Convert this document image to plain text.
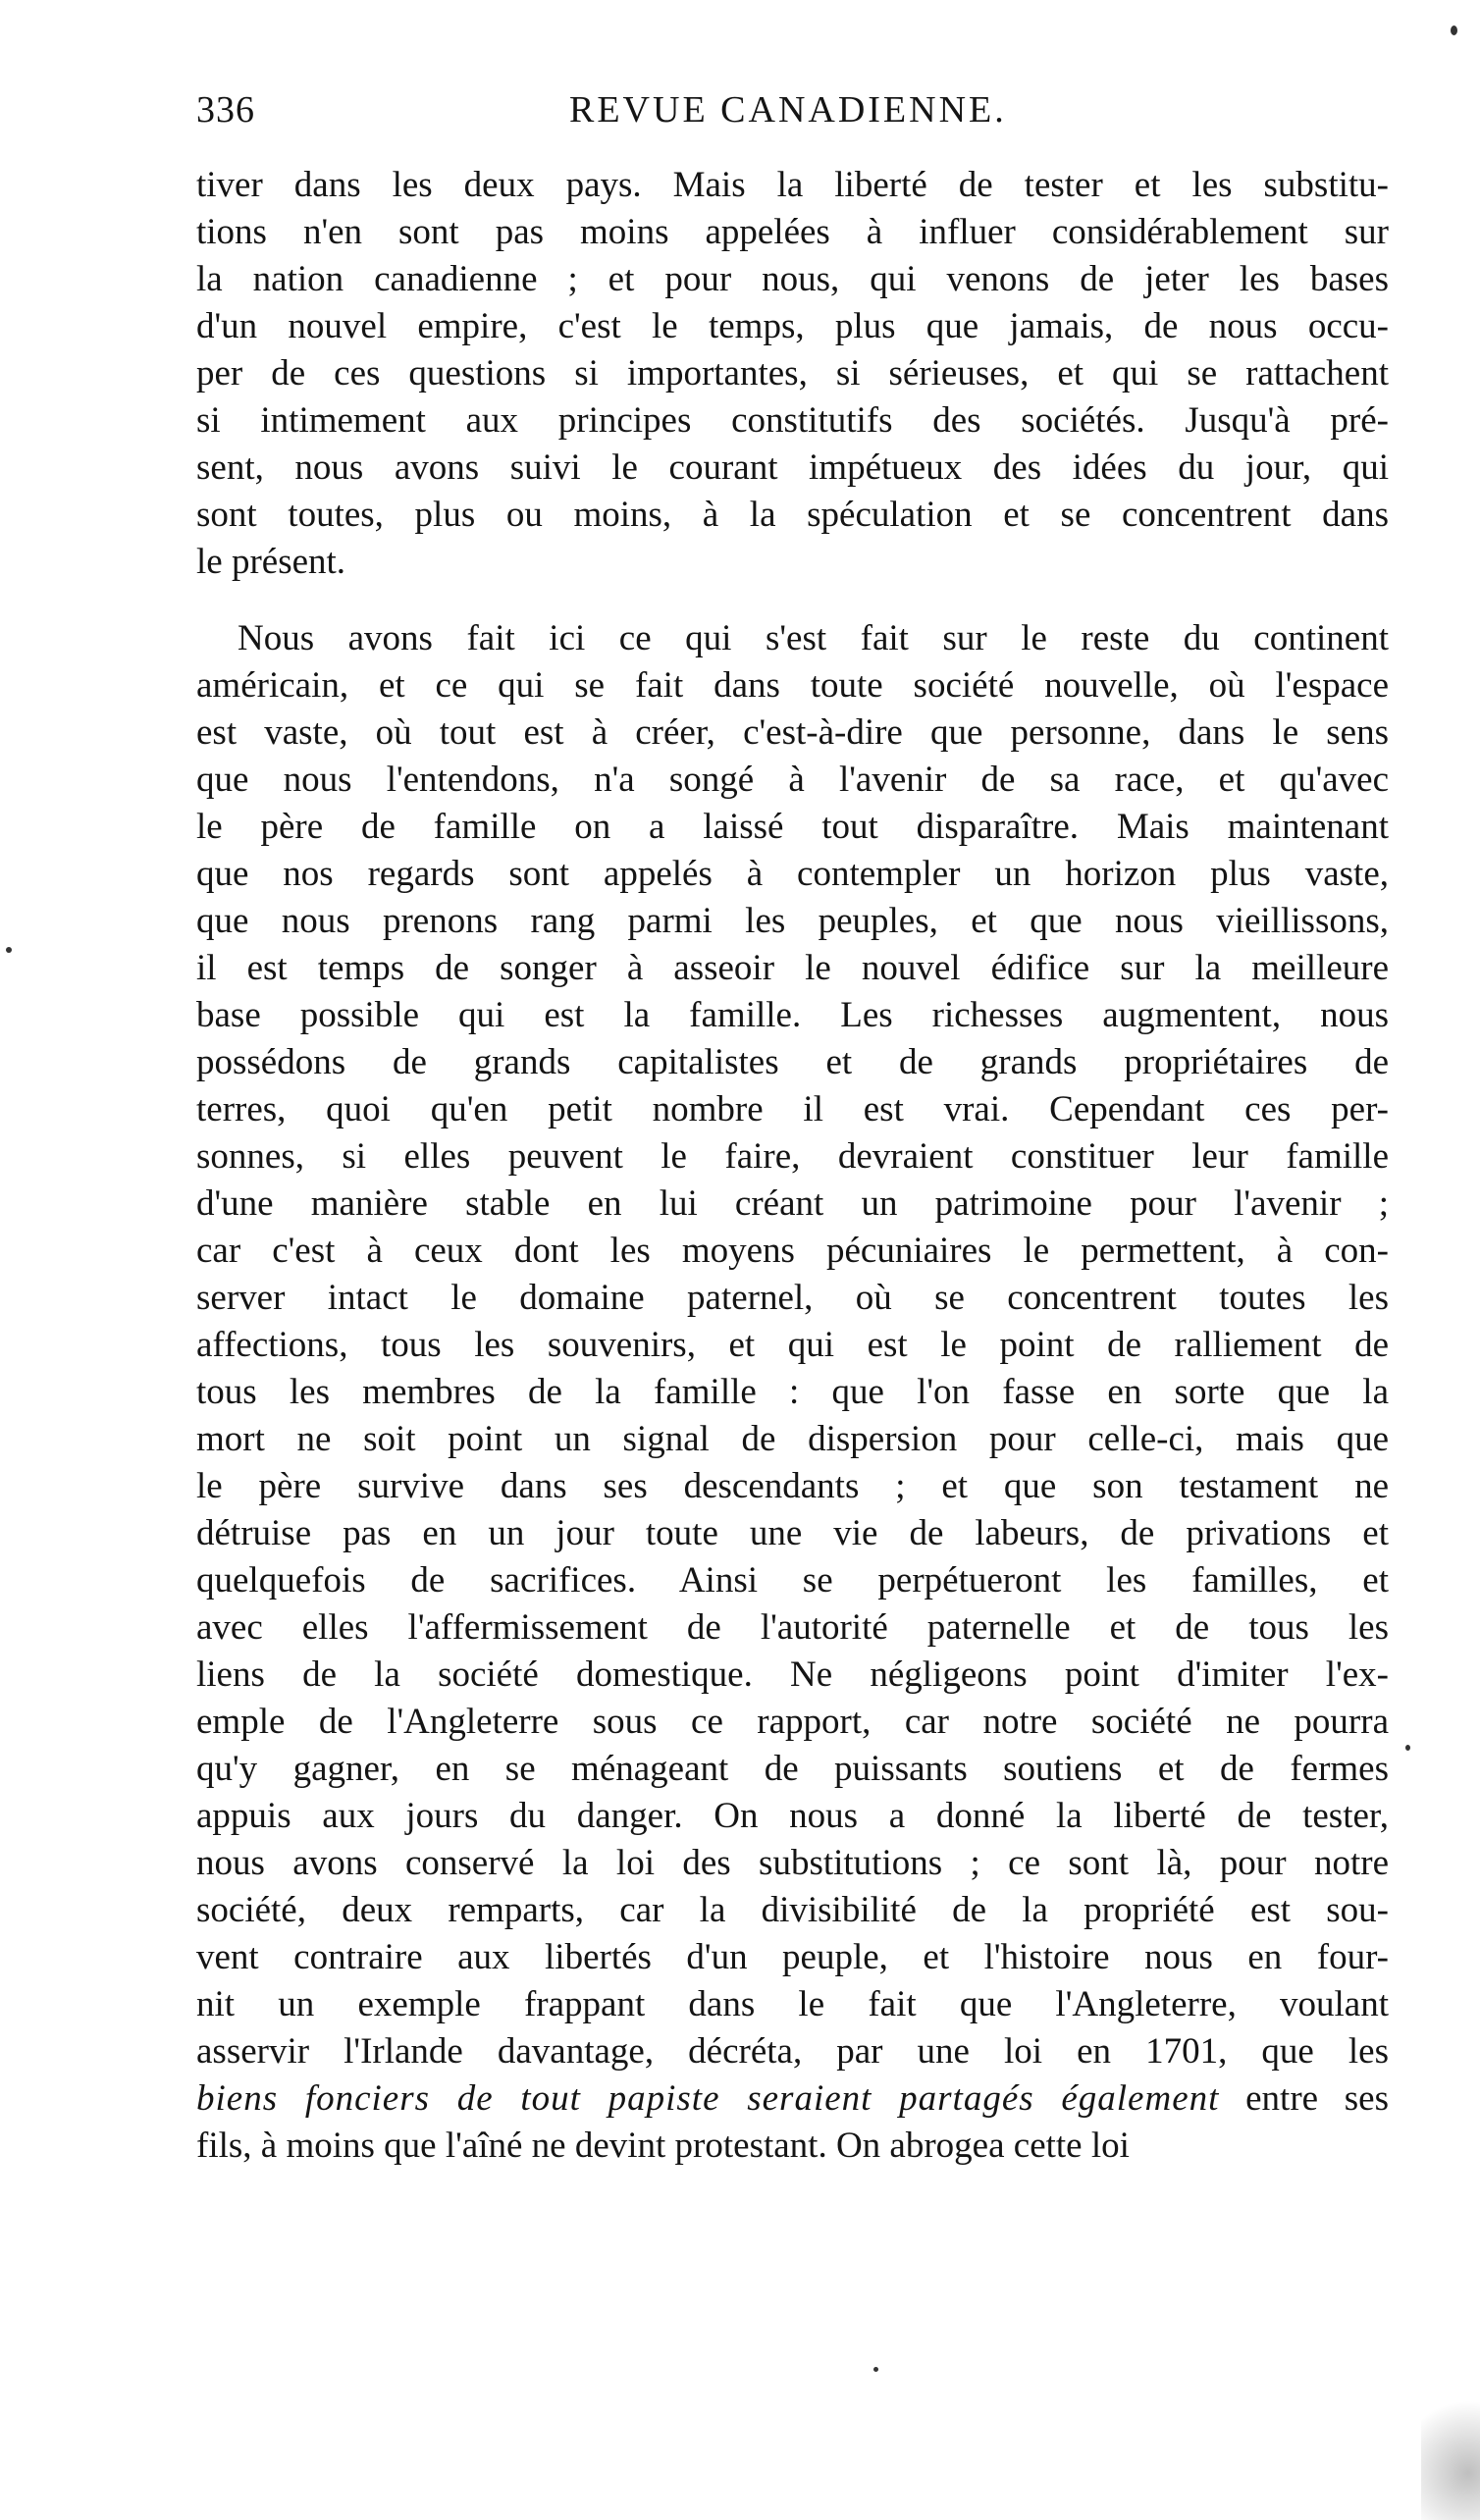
336	REVUE CANADIENNE.
tiver dans les deux pays. Mais la liberté de tester et les substitu-
tions n'en sont pas moins appelées à influer considérablement sur
la nation canadienne ; et pour nous, qui venons de jeter les bases
d'un nouvel empire, c'est le temps, plus que jamais, de nous occu-
per de ces questions si importantes, si sérieuses, et qui se rattachent
si intimement aux principes constitutifs des sociétés. Jusqu'à pré-
sent, nous avons suivi le courant impétueux des idées du jour, qui
sont toutes, plus ou moins, à la spéculation et se concentrent dans
le présent.
Nous avons fait ici ce qui s'est fait sur le reste du continent
américain, et ce qui se fait dans toute société nouvelle, où l'espace
est vaste, où tout est à créer, c'est-à-dire que personne, dans le sens
que nous l'entendons, n'a songé à l'avenir de sa race, et qu'avec
le père de famille on a laissé tout disparaître. Mais maintenant
que nos regards sont appelés à contempler un horizon plus vaste,
que nous prenons rang parmi les peuples, et que nous vieillissons,
il est temps de songer à asseoir le nouvel édifice sur la meilleure
base possible qui est la famille. Les richesses augmentent, nous
possédons de grands capitalistes et de grands propriétaires de
terres, quoi qu'en petit nombre il est vrai. Cependant ces per-
sonnes, si elles peuvent le faire, devraient constituer leur famille
d'une manière stable en lui créant un patrimoine pour l'avenir ;
car c'est à ceux dont les moyens pécuniaires le permettent, à con-
server intact le domaine paternel, où se concentrent toutes les
affections, tous les souvenirs, et qui est le point de ralliement de
tous les membres de la famille : que l'on fasse en sorte que la
mort ne soit point un signal de dispersion pour celle-ci, mais que
le père survive dans ses descendants ; et que son testament ne
détruise pas en un jour toute une vie de labeurs, de privations et
quelquefois de sacrifices. Ainsi se perpétueront les familles, et
avec elles l'affermissement de l'autorité paternelle et de tous les
liens de la société domestique. Ne négligeons point d'imiter l'ex-
emple de l'Angleterre sous ce rapport, car notre société ne pourra
qu'y gagner, en se ménageant de puissants soutiens et de fermes
appuis aux jours du danger. On nous a donné la liberté de tester,
nous avons conservé la loi des substitutions ; ce sont là, pour notre
société, deux remparts, car la divisibilité de la propriété est sou-
vent contraire aux libertés d'un peuple, et l'histoire nous en four-
nit un exemple frappant dans le fait que l'Angleterre, voulant
asservir l'Irlande davantage, décréta, par une loi en 1701, que les
biens fonciers de tout papiste seraient partagés également entre ses
fils, à moins que l'aîné ne devint protestant. On abrogea cette loi
